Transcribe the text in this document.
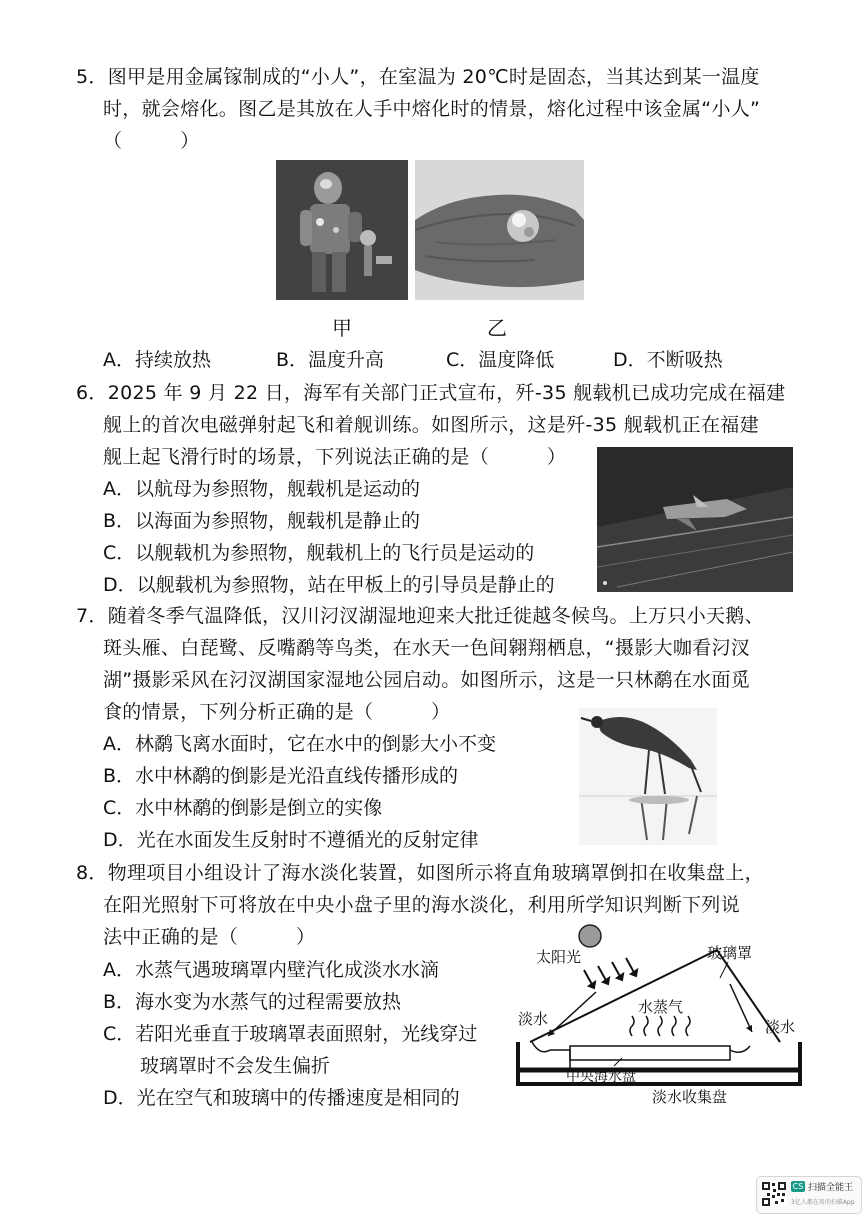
5．图甲是用金属镓制成的“小人”，在室温为 20℃时是固态，当其达到某一温度
时，就会熔化。图乙是其放在人手中熔化时的情景，熔化过程中该金属“小人”
（　　　）
甲	乙
A．持续放热	B．温度升高	C．温度降低	D．不断吸热
6．2025 年 9 月 22 日，海军有关部门正式宣布，歼-35 舰载机已成功完成在福建
舰上的首次电磁弹射起飞和着舰训练。如图所示，这是歼-35 舰载机正在福建
舰上起飞滑行时的场景，下列说法正确的是（　　　）
A．以航母为参照物，舰载机是运动的
B．以海面为参照物，舰载机是静止的
C．以舰载机为参照物，舰载机上的飞行员是运动的
D．以舰载机为参照物，站在甲板上的引导员是静止的
7．随着冬季气温降低，汉川汈汊湖湿地迎来大批迁徙越冬候鸟。上万只小天鹅、
斑头雁、白琵鹭、反嘴鹬等鸟类，在水天一色间翱翔栖息，“摄影大咖看汈汊
湖”摄影采风在汈汊湖国家湿地公园启动。如图所示，这是一只林鹬在水面觅
食的情景，下列分析正确的是（　　　）
A．林鹬飞离水面时，它在水中的倒影大小不变
B．水中林鹬的倒影是光沿直线传播形成的
C．水中林鹬的倒影是倒立的实像
D．光在水面发生反射时不遵循光的反射定律
8．物理项目小组设计了海水淡化装置，如图所示将直角玻璃罩倒扣在收集盘上，
在阳光照射下可将放在中央小盘子里的海水淡化，利用所学知识判断下列说
法中正确的是（　　　）
A．水蒸气遇玻璃罩内壁汽化成淡水水滴
B．海水变为水蒸气的过程需要放热
C．若阳光垂直于玻璃罩表面照射，光线穿过
玻璃罩时不会发生偏折
D．光在空气和玻璃中的传播速度是相同的
太阳光	玻璃罩
水蒸气
淡水	淡水
中央海水盘
淡水收集盘
CS 扫描全能王
3亿人都在用的扫描App
